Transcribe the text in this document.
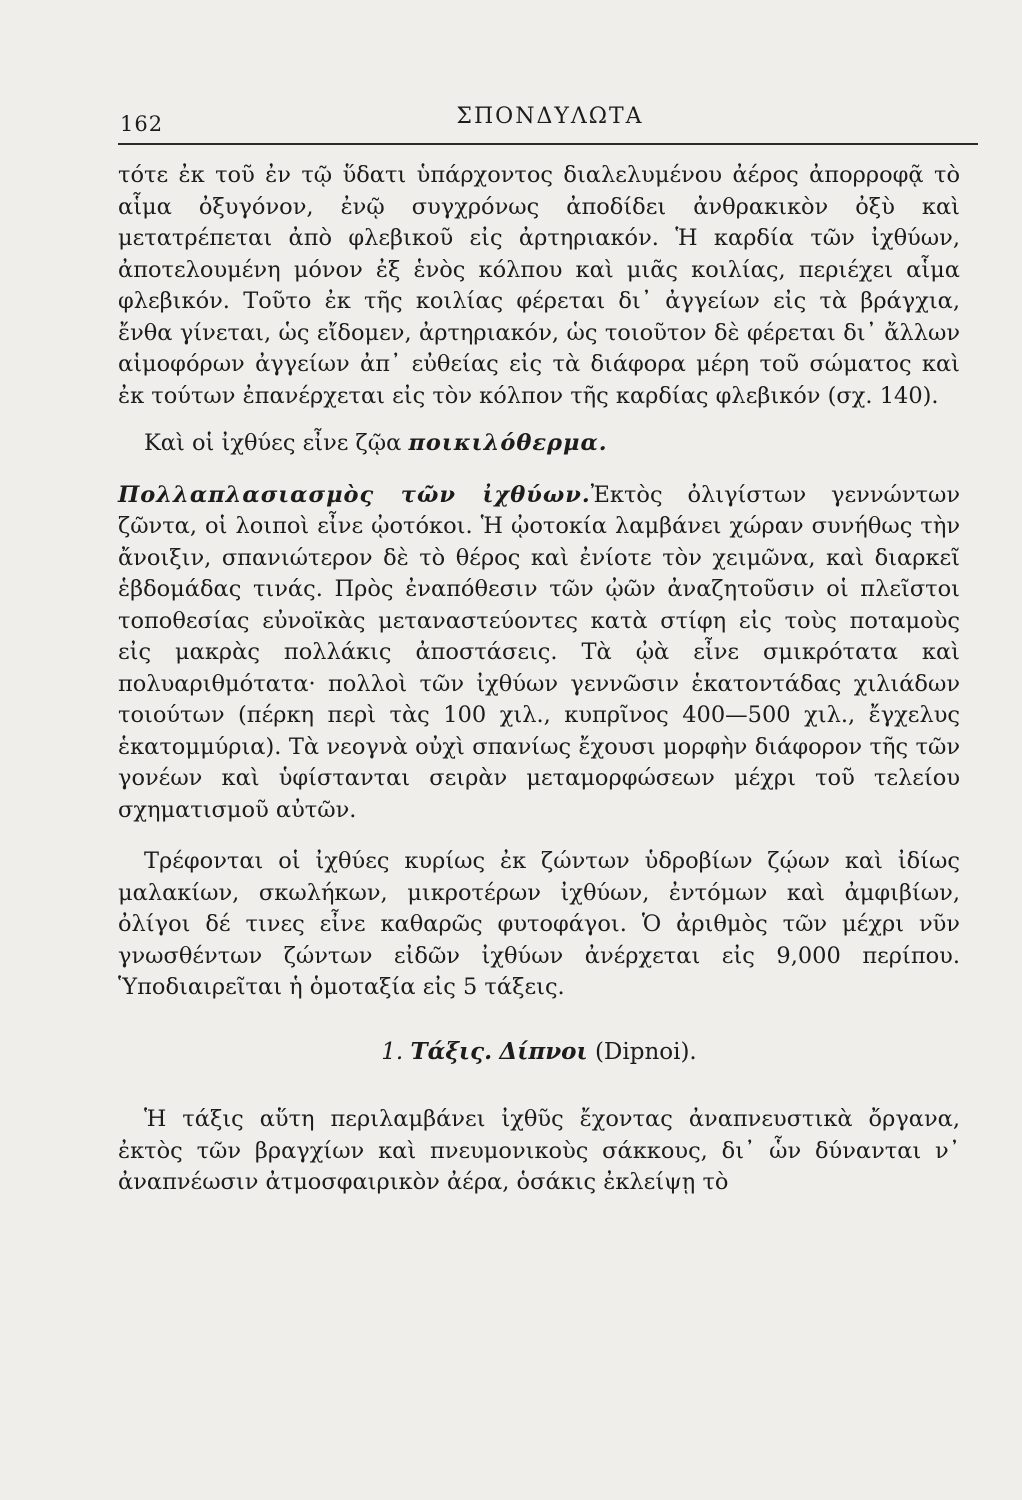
162	ΣΠΟΝΔΥΛΩΤΑ

τότε ἐκ τοῦ ἐν τῷ ὕδατι ὑπάρχοντος διαλελυμένου ἀέρος ἀπορροφᾷ τὸ αἷμα ὀξυγόνον, ἐνῷ συγχρόνως ἀποδίδει ἀνθρακικὸν ὀξὺ καὶ μετατρέπεται ἀπὸ φλεβικοῦ εἰς ἀρτηριακόν. Ἡ καρδία τῶν ἰχθύων, ἀποτελουμένη μόνον ἐξ ἑνὸς κόλπου καὶ μιᾶς κοιλίας, περιέχει αἷμα φλεβικόν. Τοῦτο ἐκ τῆς κοιλίας φέρεται δι᾽ ἀγγείων εἰς τὰ βράγχια, ἔνθα γίνεται, ὡς εἴδομεν, ἀρτηριακόν, ὡς τοιοῦτον δὲ φέρεται δι᾽ ἄλλων αἱμοφόρων ἀγγείων ἀπ᾽ εὐθείας εἰς τὰ διάφορα μέρη τοῦ σώματος καὶ ἐκ τούτων ἐπανέρχεται εἰς τὸν κόλπον τῆς καρδίας φλεβικόν (σχ. 140).

Καὶ οἱ ἰχθύες εἶνε ζῷα ποικιλόθερμα.

Πολλαπλασιασμὸς τῶν ἰχθύων.Ἐκτὸς ὀλιγίστων γεννώντων ζῶντα, οἱ λοιποὶ εἶνε ᾠοτόκοι. Ἡ ᾠοτοκία λαμβάνει χώραν συνήθως τὴν ἄνοιξιν, σπανιώτερον δὲ τὸ θέρος καὶ ἐνίοτε τὸν χειμῶνα, καὶ διαρκεῖ ἑβδομάδας τινάς. Πρὸς ἐναπόθεσιν τῶν ᾠῶν ἀναζητοῦσιν οἱ πλεῖστοι τοποθεσίας εὐνοϊκὰς μεταναστεύοντες κατὰ στίφη εἰς τοὺς ποταμοὺς εἰς μακρὰς πολλάκις ἀποστάσεις. Τὰ ᾠὰ εἶνε σμικρότατα καὶ πολυαριθμότατα· πολλοὶ τῶν ἰχθύων γεννῶσιν ἑκατοντάδας χιλιάδων τοιούτων (πέρκη περὶ τὰς 100 χιλ., κυπρῖνος 400—500 χιλ., ἔγχελυς ἑκατομμύρια). Τὰ νεογνὰ οὐχὶ σπανίως ἔχουσι μορφὴν διάφορον τῆς τῶν γονέων καὶ ὑφίστανται σειρὰν μεταμορφώσεων μέχρι τοῦ τελείου σχηματισμοῦ αὐτῶν.

Τρέφονται οἱ ἰχθύες κυρίως ἐκ ζώντων ὑδροβίων ζῴων καὶ ἰδίως μαλακίων, σκωλήκων, μικροτέρων ἰχθύων, ἐντόμων καὶ ἀμφιβίων, ὀλίγοι δέ τινες εἶνε καθαρῶς φυτοφάγοι. Ὁ ἀριθμὸς τῶν μέχρι νῦν γνωσθέντων ζώντων εἰδῶν ἰχθύων ἀνέρχεται εἰς 9,000 περίπου. Ὑποδιαιρεῖται ἡ ὁμοταξία εἰς 5 τάξεις.

1. Τάξις. Δίπνοι (Dipnoi).

Ἡ τάξις αὕτη περιλαμβάνει ἰχθῦς ἔχοντας ἀναπνευστικὰ ὄργανα, ἐκτὸς τῶν βραγχίων καὶ πνευμονικοὺς σάκκους, δι᾽ ὧν δύνανται ν᾽ ἀναπνέωσιν ἀτμοσφαιρικὸν ἀέρα, ὁσάκις ἐκλείψῃ τὸ
